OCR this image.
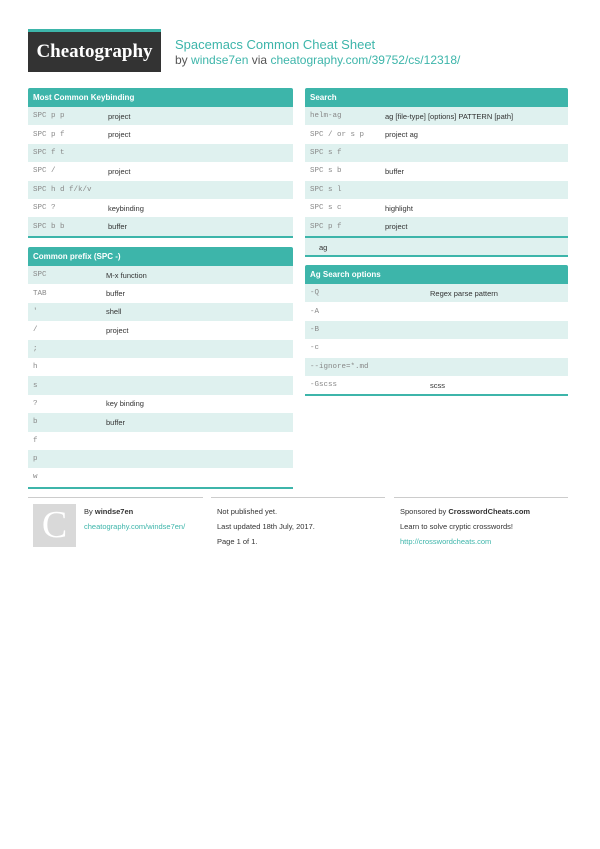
Cheatography	Spacemacs Common Cheat Sheet
by windse7en via cheatography.com/39752/cs/12318/
Most Common Keybinding
SPC p p	project
SPC p f	project
SPC f t
SPC /	project
SPC h d f/k/v
SPC ?	keybinding
SPC b b	buffer
Common prefix (SPC -)
SPC	M-x function
TAB	buffer
'	shell
/	project
;
h
s
?	key binding
b	buffer
f
p
w
Search
helm-ag	ag [file-type] [options] PATTERN [path]
SPC / or s p	project ag
SPC s f
SPC s b	buffer
SPC s l
SPC s c	highlight
SPC p f	project
ag
Ag Search options
-Q	Regex parse pattern
-A
-B
-c
--ignore=*.md
-Gscss	scss
C	By windse7en
cheatography.com/windse7en/
Not published yet.
Last updated 18th July, 2017.
Page 1 of 1.
Sponsored by CrosswordCheats.com
Learn to solve cryptic crosswords!
http://crosswordcheats.com
